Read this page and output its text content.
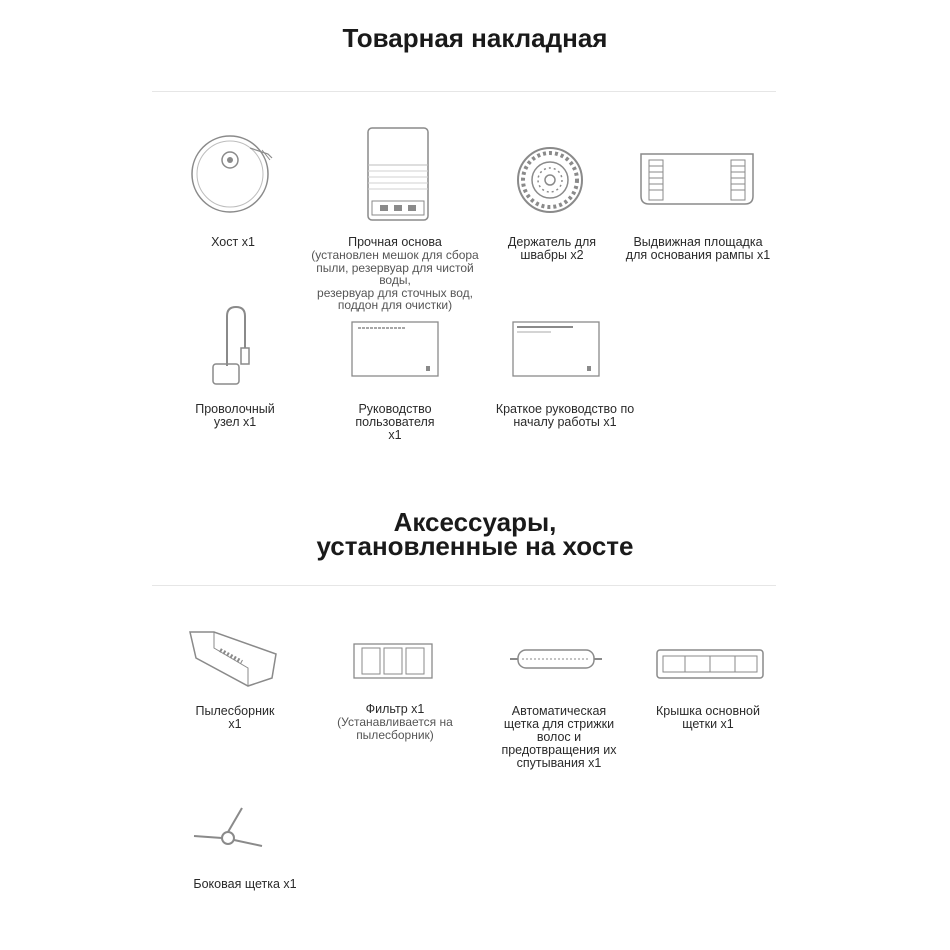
Товарная накладная
Хост x1	Прочная основа
(установлен мешок для сбора
пыли, резервуар для чистой воды,
резервуар для сточных вод,
поддон для очистки)
Держатель для
швабры x2
Выдвижная площадка
для основания рампы x1
Проволочный
узел x1
Руководство
пользователя
x1
Краткое руководство по
началу работы x1
Аксессуары,
установленные на хосте
Пылесборник
x1
Фильтр x1
(Устанавливается на
пылесборник)
Автоматическая
щетка для стрижки
волос и
предотвращения их
спутывания x1
Крышка основной
щетки x1
Боковая щетка x1
